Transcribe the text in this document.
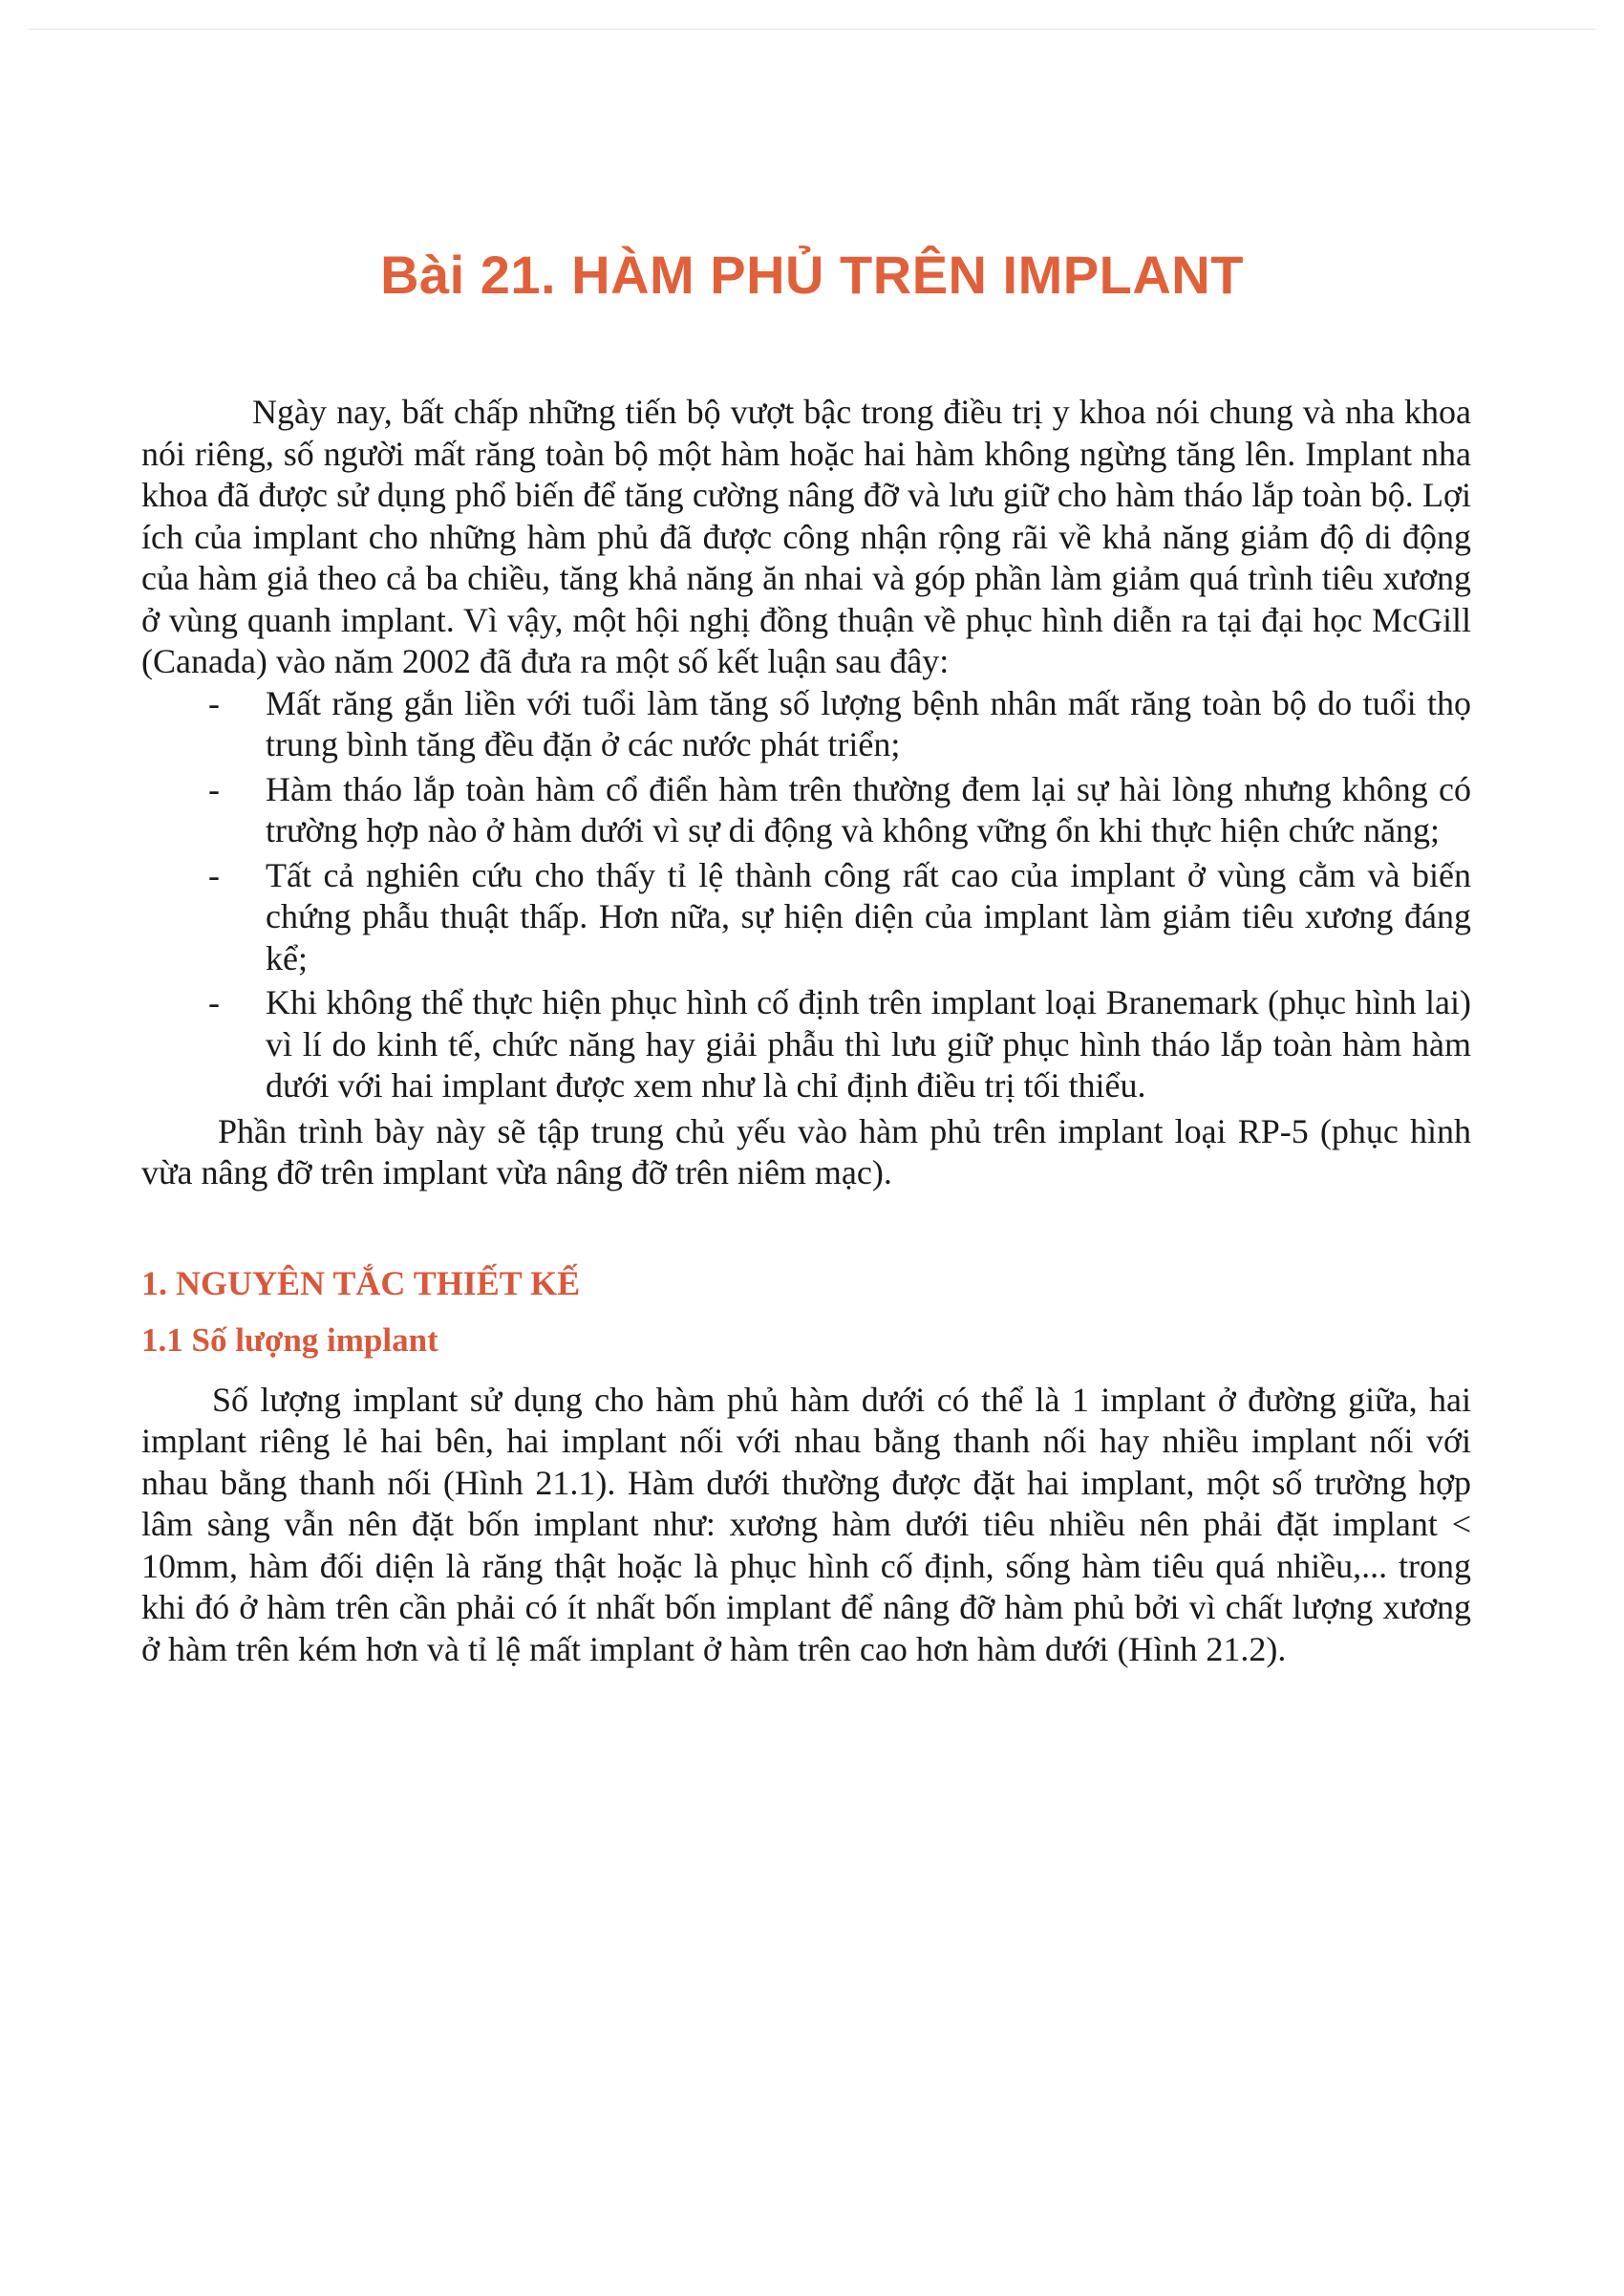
Bài 21. HÀM PHỦ TRÊN IMPLANT

Ngày nay, bất chấp những tiến bộ vượt bậc trong điều trị y khoa nói chung và nha khoa nói riêng, số người mất răng toàn bộ một hàm hoặc hai hàm không ngừng tăng lên. Implant nha khoa đã được sử dụng phổ biến để tăng cường nâng đỡ và lưu giữ cho hàm tháo lắp toàn bộ. Lợi ích của implant cho những hàm phủ đã được công nhận rộng rãi về khả năng giảm độ di động của hàm giả theo cả ba chiều, tăng khả năng ăn nhai và góp phần làm giảm quá trình tiêu xương ở vùng quanh implant. Vì vậy, một hội nghị đồng thuận về phục hình diễn ra tại đại học McGill (Canada) vào năm 2002 đã đưa ra một số kết luận sau đây:

- Mất răng gắn liền với tuổi làm tăng số lượng bệnh nhân mất răng toàn bộ do tuổi thọ trung bình tăng đều đặn ở các nước phát triển;
- Hàm tháo lắp toàn hàm cổ điển hàm trên thường đem lại sự hài lòng nhưng không có trường hợp nào ở hàm dưới vì sự di động và không vững ổn khi thực hiện chức năng;
- Tất cả nghiên cứu cho thấy tỉ lệ thành công rất cao của implant ở vùng cằm và biến chứng phẫu thuật thấp. Hơn nữa, sự hiện diện của implant làm giảm tiêu xương đáng kể;
- Khi không thể thực hiện phục hình cố định trên implant loại Branemark (phục hình lai) vì lí do kinh tế, chức năng hay giải phẫu thì lưu giữ phục hình tháo lắp toàn hàm hàm dưới với hai implant được xem như là chỉ định điều trị tối thiểu.

Phần trình bày này sẽ tập trung chủ yếu vào hàm phủ trên implant loại RP-5 (phục hình vừa nâng đỡ trên implant vừa nâng đỡ trên niêm mạc).

1. NGUYÊN TẮC THIẾT KẾ
1.1 Số lượng implant

Số lượng implant sử dụng cho hàm phủ hàm dưới có thể là 1 implant ở đường giữa, hai implant riêng lẻ hai bên, hai implant nối với nhau bằng thanh nối hay nhiều implant nối với nhau bằng thanh nối (Hình 21.1). Hàm dưới thường được đặt hai implant, một số trường hợp lâm sàng vẫn nên đặt bốn implant như: xương hàm dưới tiêu nhiều nên phải đặt implant < 10mm, hàm đối diện là răng thật hoặc là phục hình cố định, sống hàm tiêu quá nhiều,... trong khi đó ở hàm trên cần phải có ít nhất bốn implant để nâng đỡ hàm phủ bởi vì chất lượng xương ở hàm trên kém hơn và tỉ lệ mất implant ở hàm trên cao hơn hàm dưới (Hình 21.2).
